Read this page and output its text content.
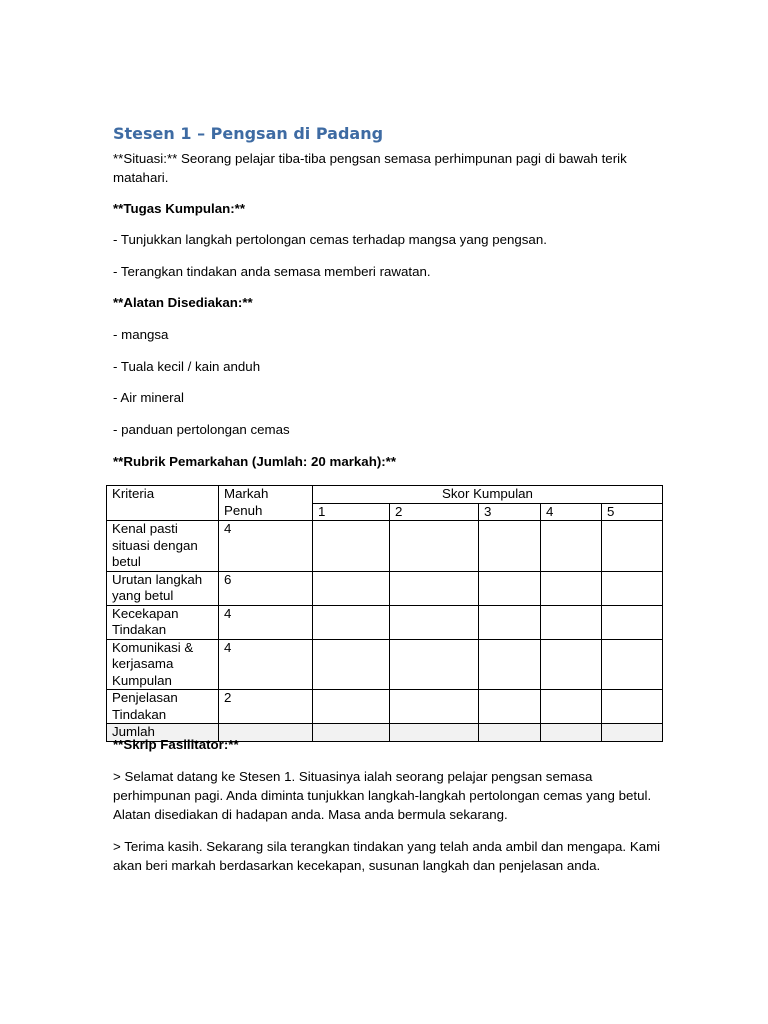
Stesen 1 – Pengsan di Padang
**Situasi:** Seorang pelajar tiba-tiba pengsan semasa perhimpunan pagi di bawah terik matahari.
**Tugas Kumpulan:**
- Tunjukkan langkah pertolongan cemas terhadap mangsa yang pengsan.
- Terangkan tindakan anda semasa memberi rawatan.
**Alatan Disediakan:**
- mangsa
- Tuala kecil / kain anduh
- Air mineral
- panduan pertolongan cemas
**Rubrik Pemarkahan (Jumlah: 20 markah):**
Kriteria	Markah Penuh	Skor Kumpulan				
		1	2	3	4	5
Kenal pasti situasi dengan betul	4					
Urutan langkah yang betul	6					
Kecekapan Tindakan	4					
Komunikasi & kerjasama Kumpulan	4					
Penjelasan Tindakan	2					
Jumlah						
**Skrip Fasilitator:**
> Selamat datang ke Stesen 1. Situasinya ialah seorang pelajar pengsan semasa perhimpunan pagi. Anda diminta tunjukkan langkah-langkah pertolongan cemas yang betul. Alatan disediakan di hadapan anda. Masa anda bermula sekarang.
> Terima kasih. Sekarang sila terangkan tindakan yang telah anda ambil dan mengapa. Kami akan beri markah berdasarkan kecekapan, susunan langkah dan penjelasan anda.
